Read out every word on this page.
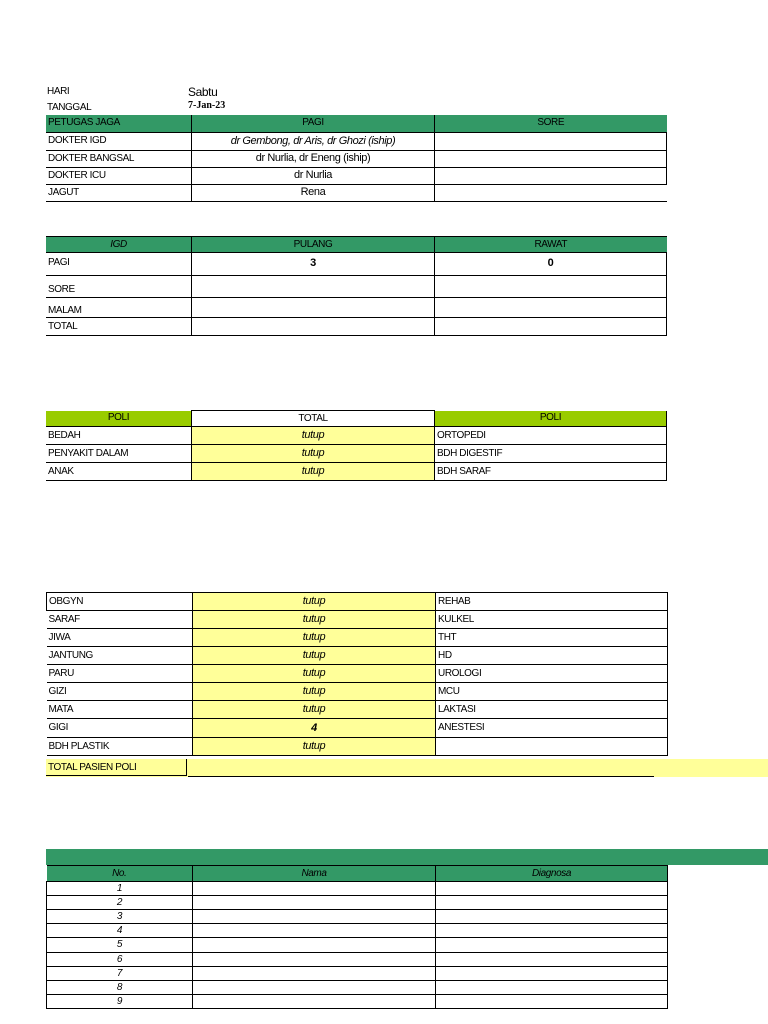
HARI	Sabtu
TANGGAL	7-Jan-23
PETUGAS JAGA	PAGI	SORE
DOKTER IGD	dr Gembong, dr Aris, dr Ghozi (iship)	
DOKTER BANGSAL	dr Nurlia, dr Eneng (iship)	
DOKTER ICU	dr Nurlia	
JAGUT	Rena	
IGD	PULANG	RAWAT
PAGI	3	0
SORE		
MALAM		
TOTAL		
POLI	TOTAL	POLI
BEDAH	tutup	ORTOPEDI
PENYAKIT DALAM	tutup	BDH DIGESTIF
ANAK	tutup	BDH SARAF
OBGYN	tutup	REHAB
SARAF	tutup	KULKEL
JIWA	tutup	THT
JANTUNG	tutup	HD
PARU	tutup	UROLOGI
GIZI	tutup	MCU
MATA	tutup	LAKTASI
GIGI	4	ANESTESI
BDH PLASTIK	tutup	
TOTAL PASIEN POLI
No.	Nama	Diagnosa
1		
2		
3		
4		
5		
6		
7		
8		
9		
